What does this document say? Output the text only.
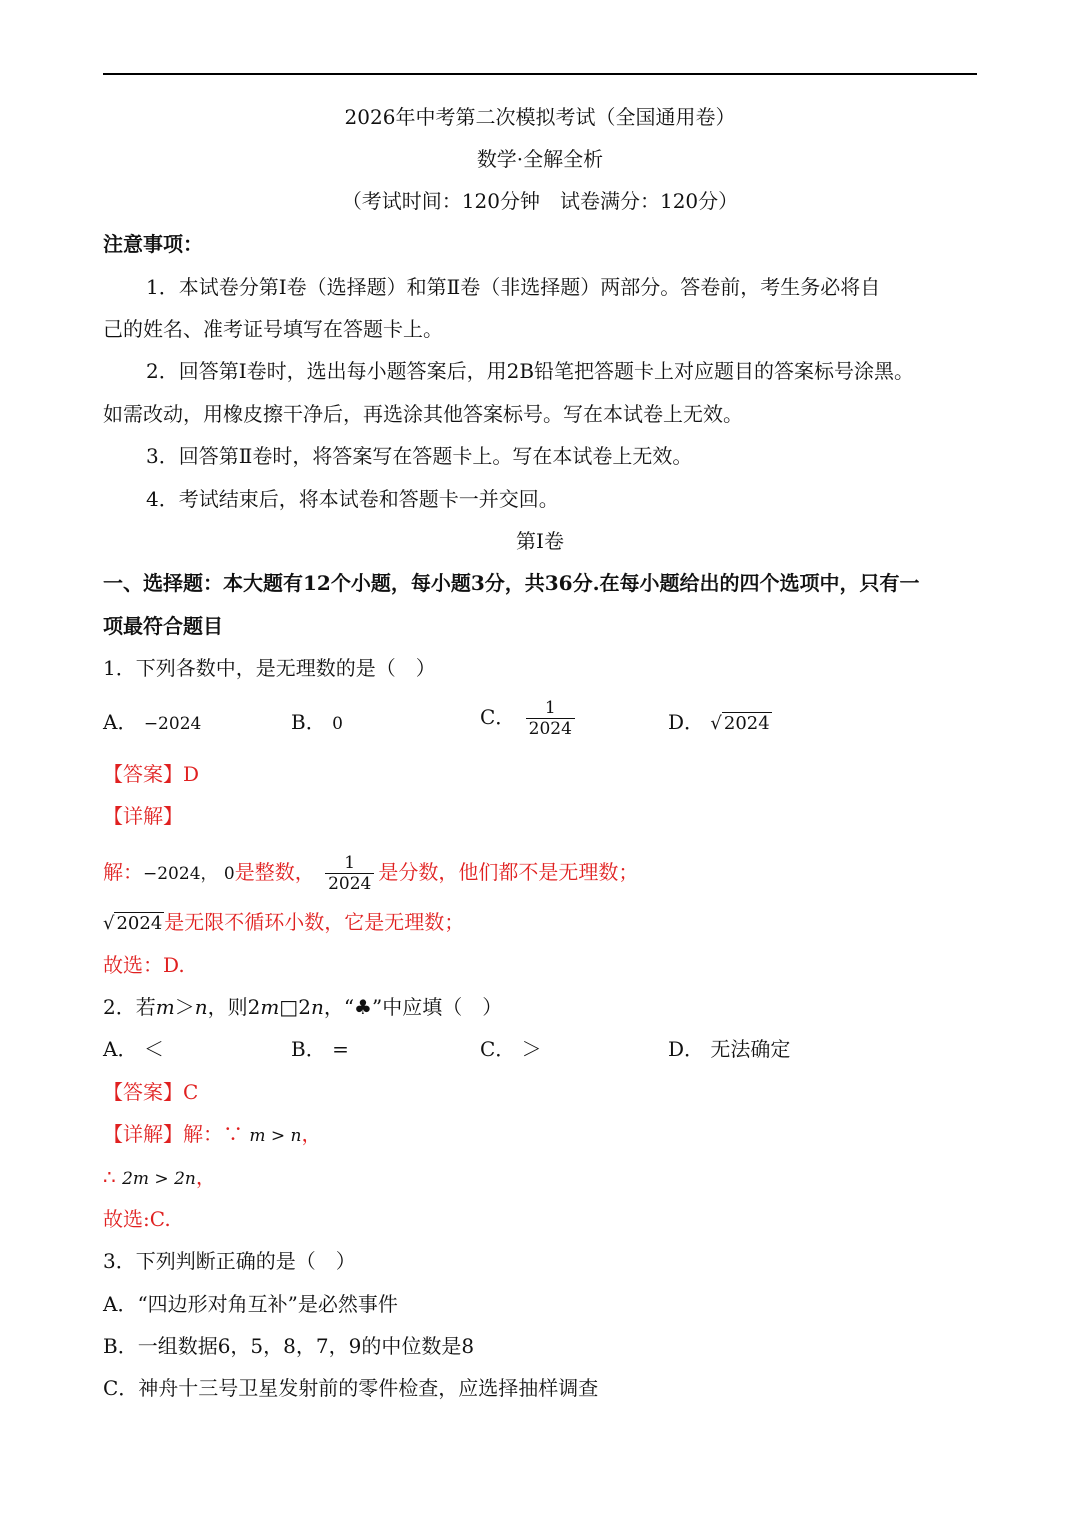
2026年中考第二次模拟考试（全国通用卷）
数学·全解全析
（考试时间：120分钟　试卷满分：120分）
注意事项：
1．本试卷分第Ⅰ卷（选择题）和第Ⅱ卷（非选择题）两部分。答卷前，考生务必将自
己的姓名、准考证号填写在答题卡上。
2．回答第Ⅰ卷时，选出每小题答案后，用2B铅笔把答题卡上对应题目的答案标号涂黑。
如需改动，用橡皮擦干净后，再选涂其他答案标号。写在本试卷上无效。
3．回答第Ⅱ卷时，将答案写在答题卡上。写在本试卷上无效。
4．考试结束后，将本试卷和答题卡一并交回。
第Ⅰ卷
一、选择题：本大题有12个小题，每小题3分，共36分.在每小题给出的四个选项中，只有一
项最符合题目
1．下列各数中，是无理数的是（　）
A． −2024	B． 0	C． $\frac{1}{2024}$	D． √ 2024
【答案】D
【详解】
解：−2024， 0是整数， $\frac{1}{2024}$ 是分数，他们都不是无理数；
√ 2024 是无限不循环小数，它是无理数；
故选：D.
2．若m＞n，则2m□2n，“♣”中应填（　）
A． ＜	B． =	C． ＞	D． 无法确定
【答案】C
【详解】解：∵ m > n，
∴ 2m > 2n，
故选:C.
3．下列判断正确的是（　）
A．“四边形对角互补”是必然事件
B．一组数据6，5，8，7，9的中位数是8
C．神舟十三号卫星发射前的零件检查，应选择抽样调查
